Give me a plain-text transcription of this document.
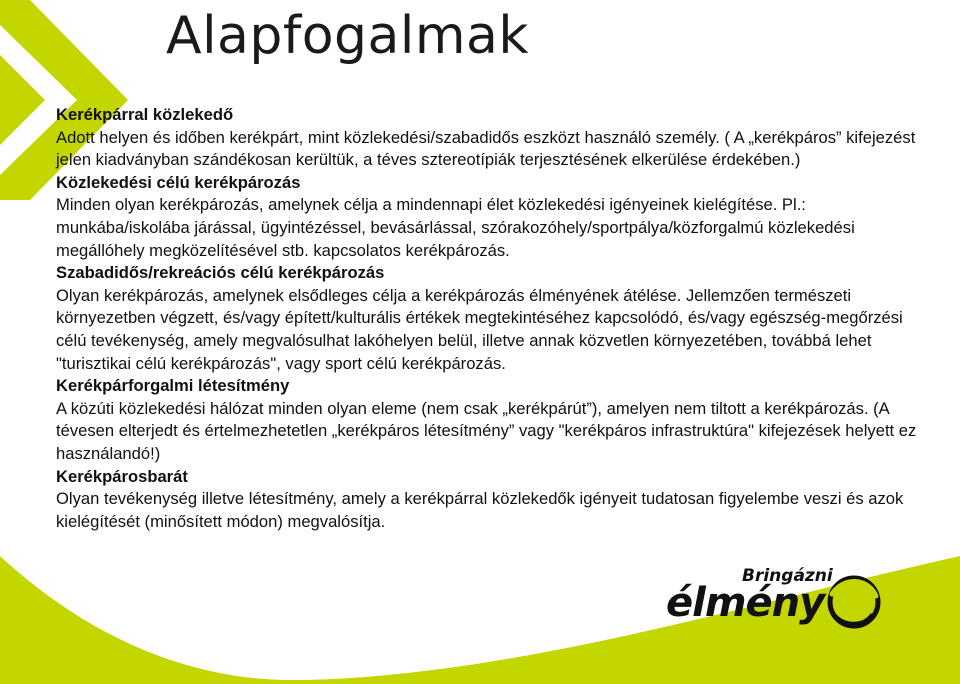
Alapfogalmak

Kerékpárral közlekedő

Adott helyen és időben kerékpárt, mint közlekedési/szabadidős eszközt használó személy. ( A „kerékpáros” kifejezést jelen kiadványban szándékosan kerültük, a téves sztereotípiák terjesztésének elkerülése érdekében.)

Közlekedési célú kerékpározás

Minden olyan kerékpározás, amelynek célja a mindennapi élet közlekedési igényeinek kielégítése. Pl.: munkába/iskolába járással, ügyintézéssel, bevásárlással, szórakozóhely/sportpálya/közforgalmú közlekedési megállóhely megközelítésével stb. kapcsolatos kerékpározás.

Szabadidős/rekreációs célú kerékpározás

Olyan kerékpározás, amelynek elsődleges célja a kerékpározás élményének átélése. Jellemzően természeti környezetben végzett, és/vagy épített/kulturális értékek megtekintéséhez kapcsolódó, és/vagy egészség-megőrzési célú tevékenység, amely megvalósulhat lakóhelyen belül, illetve annak közvetlen környezetében, továbbá lehet "turisztikai célú kerékpározás", vagy sport célú kerékpározás.

Kerékpárforgalmi létesítmény

A közúti közlekedési hálózat minden olyan eleme (nem csak „kerékpárút”), amelyen nem tiltott a kerékpározás. (A tévesen elterjedt és értelmezhetetlen „kerékpáros létesítmény” vagy "kerékpáros infrastruktúra" kifejezések helyett ez használandó!)

Kerékpárosbarát

Olyan tevékenység illetve létesítmény, amely a kerékpárral közlekedők igényeit tudatosan figyelembe veszi és azok kielégítését (minősített módon) megvalósítja.

Bringázni
élmény
